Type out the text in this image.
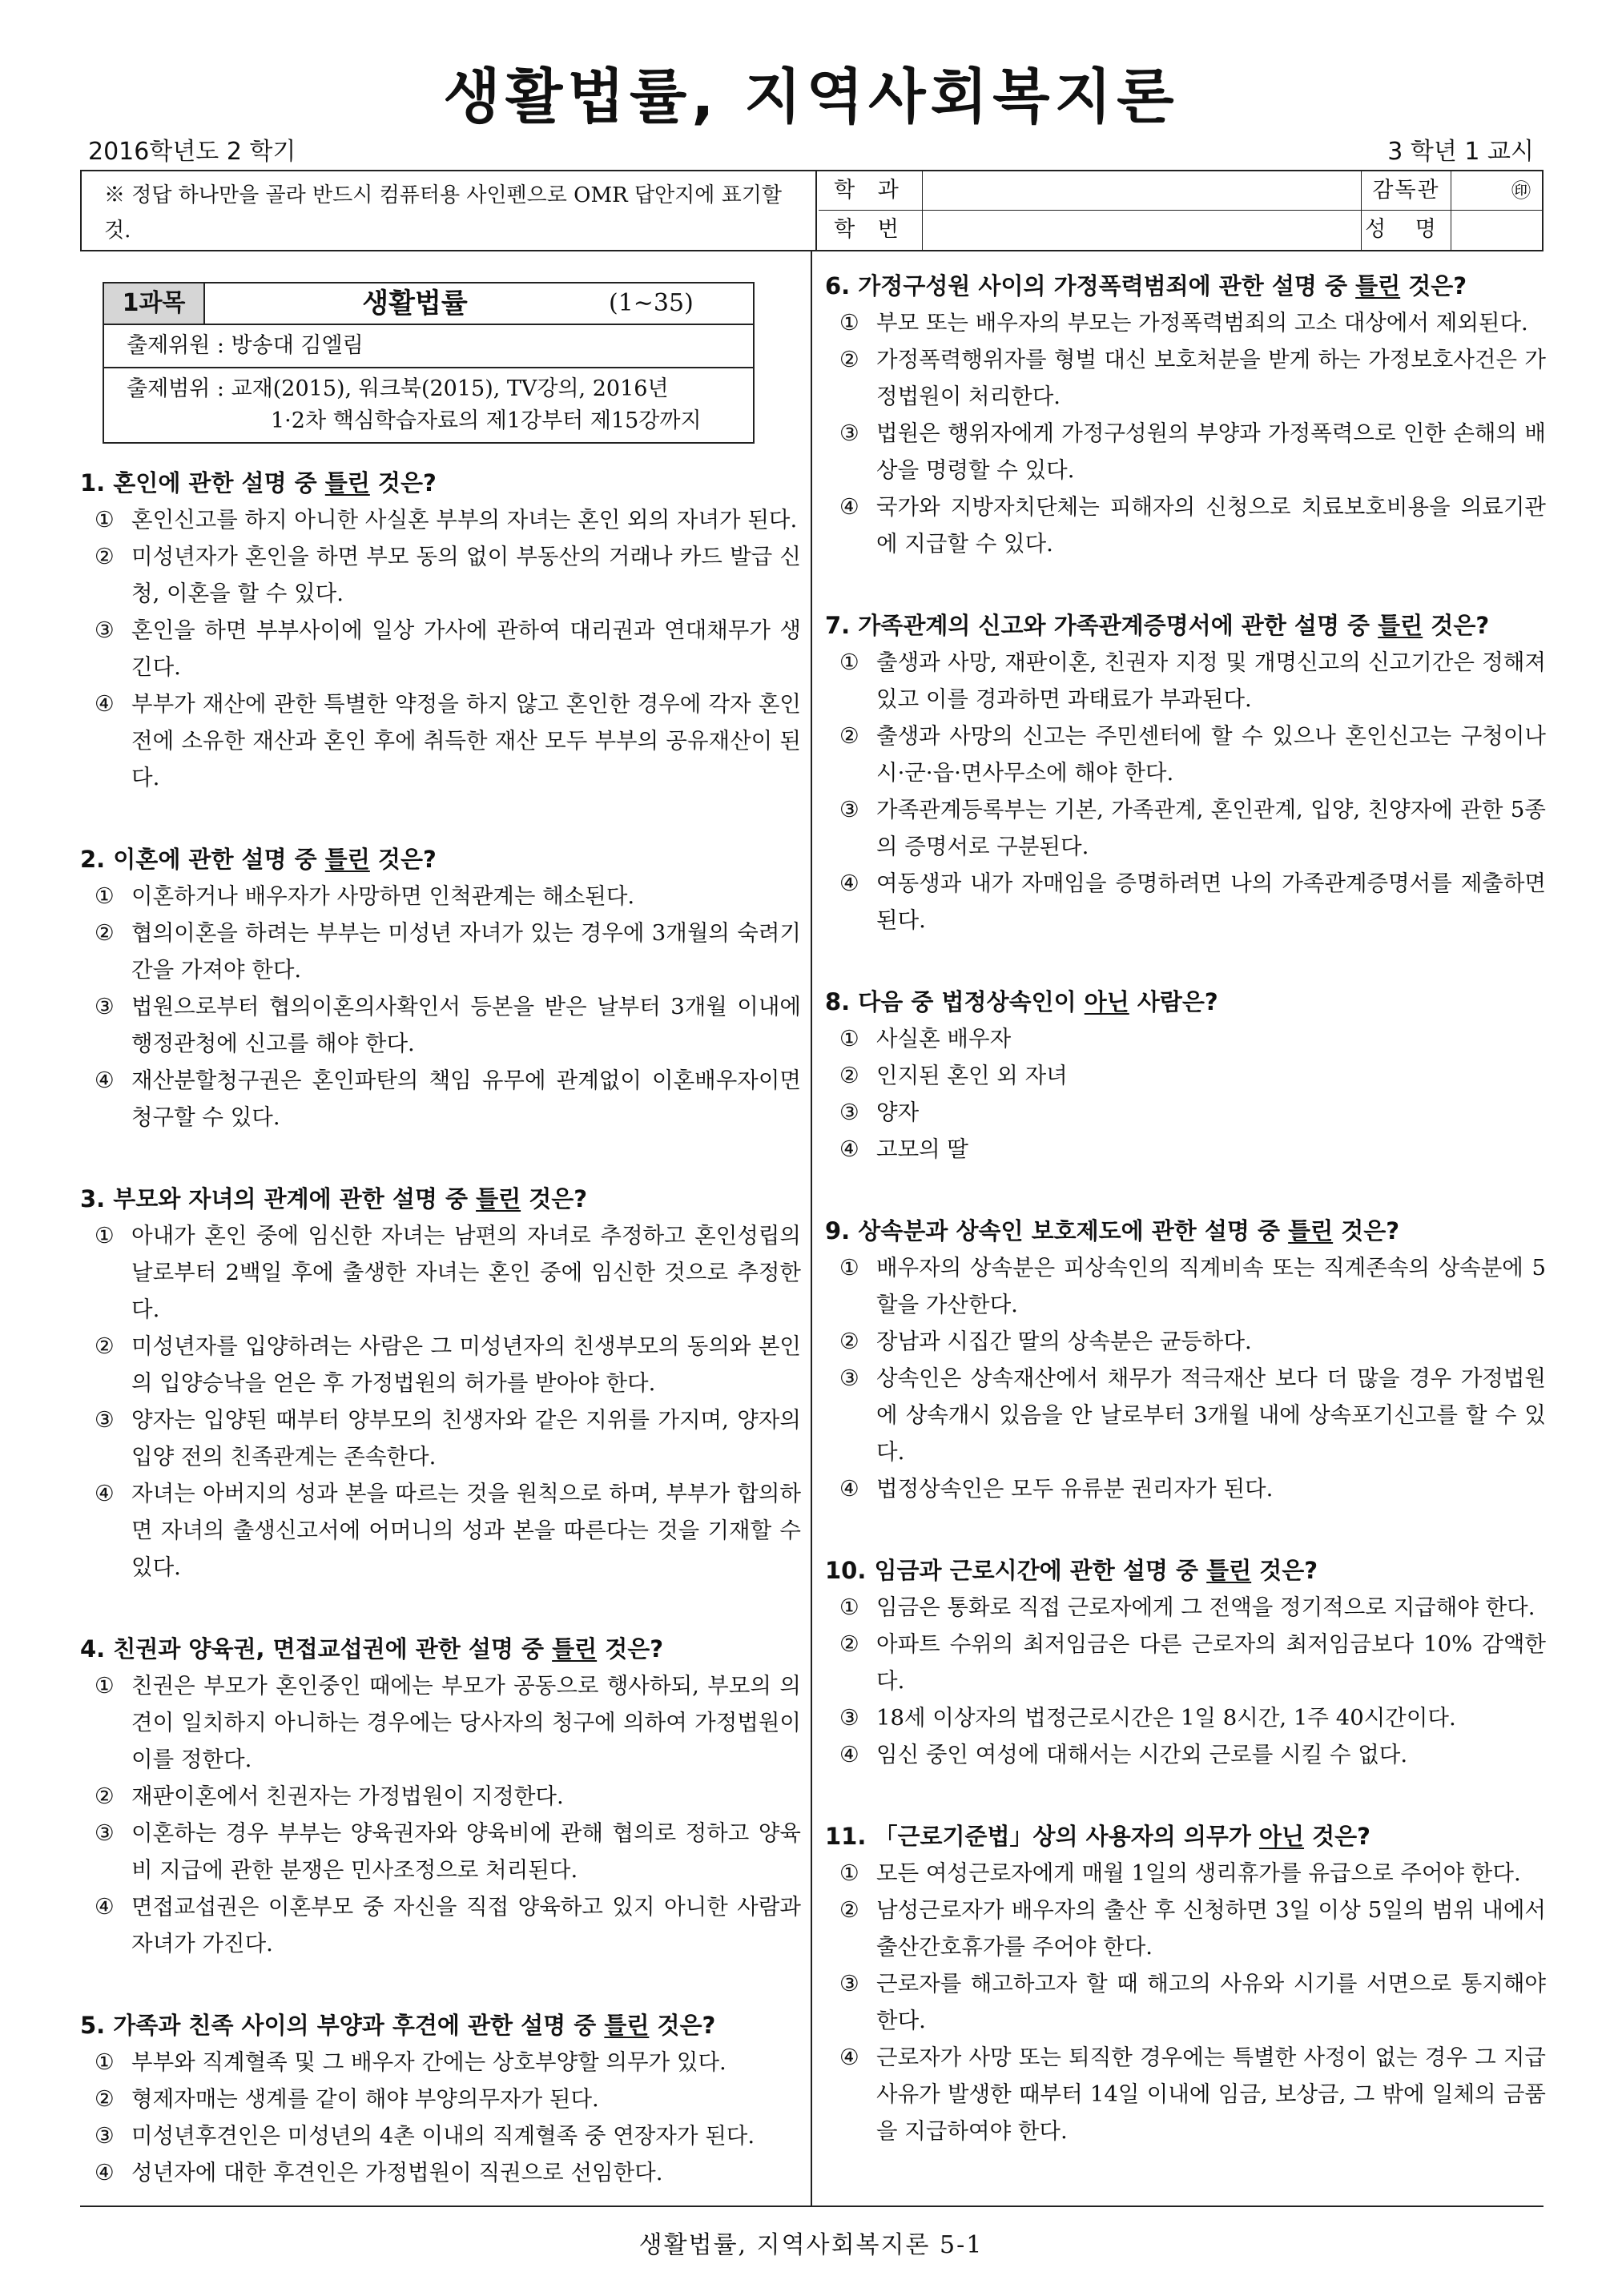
생활법률, 지역사회복지론
2016학년도 2 학기	3 학년 1 교시
※ 정답 하나만을 골라 반드시 컴퓨터용 사인펜으로 OMR 답안지에 표기할 것.
학 과	감독관	㊞
학 번	성 명
1과목	생활법률	(1∼35)
출제위원 : 방송대 김엘림
출제범위 : 교재(2015), 워크북(2015), TV강의, 2016년
1·2차 핵심학습자료의 제1강부터 제15강까지
1. 혼인에 관한 설명 중 틀린 것은?
① 혼인신고를 하지 아니한 사실혼 부부의 자녀는 혼인 외의 자녀가 된다.
② 미성년자가 혼인을 하면 부모 동의 없이 부동산의 거래나 카드 발급 신청, 이혼을 할 수 있다.
③ 혼인을 하면 부부사이에 일상 가사에 관하여 대리권과 연대채무가 생긴다.
④ 부부가 재산에 관한 특별한 약정을 하지 않고 혼인한 경우에 각자 혼인 전에 소유한 재산과 혼인 후에 취득한 재산 모두 부부의 공유재산이 된다.
2. 이혼에 관한 설명 중 틀린 것은?
① 이혼하거나 배우자가 사망하면 인척관계는 해소된다.
② 협의이혼을 하려는 부부는 미성년 자녀가 있는 경우에 3개월의 숙려기간을 가져야 한다.
③ 법원으로부터 협의이혼의사확인서 등본을 받은 날부터 3개월 이내에 행정관청에 신고를 해야 한다.
④ 재산분할청구권은 혼인파탄의 책임 유무에 관계없이 이혼배우자이면 청구할 수 있다.
3. 부모와 자녀의 관계에 관한 설명 중 틀린 것은?
① 아내가 혼인 중에 임신한 자녀는 남편의 자녀로 추정하고 혼인성립의 날로부터 2백일 후에 출생한 자녀는 혼인 중에 임신한 것으로 추정한다.
② 미성년자를 입양하려는 사람은 그 미성년자의 친생부모의 동의와 본인의 입양승낙을 얻은 후 가정법원의 허가를 받아야 한다.
③ 양자는 입양된 때부터 양부모의 친생자와 같은 지위를 가지며, 양자의 입양 전의 친족관계는 존속한다.
④ 자녀는 아버지의 성과 본을 따르는 것을 원칙으로 하며, 부부가 합의하면 자녀의 출생신고서에 어머니의 성과 본을 따른다는 것을 기재할 수 있다.
4. 친권과 양육권, 면접교섭권에 관한 설명 중 틀린 것은?
① 친권은 부모가 혼인중인 때에는 부모가 공동으로 행사하되, 부모의 의견이 일치하지 아니하는 경우에는 당사자의 청구에 의하여 가정법원이 이를 정한다.
② 재판이혼에서 친권자는 가정법원이 지정한다.
③ 이혼하는 경우 부부는 양육권자와 양육비에 관해 협의로 정하고 양육비 지급에 관한 분쟁은 민사조정으로 처리된다.
④ 면접교섭권은 이혼부모 중 자신을 직접 양육하고 있지 아니한 사람과 자녀가 가진다.
5. 가족과 친족 사이의 부양과 후견에 관한 설명 중 틀린 것은?
① 부부와 직계혈족 및 그 배우자 간에는 상호부양할 의무가 있다.
② 형제자매는 생계를 같이 해야 부양의무자가 된다.
③ 미성년후견인은 미성년의 4촌 이내의 직계혈족 중 연장자가 된다.
④ 성년자에 대한 후견인은 가정법원이 직권으로 선임한다.
6. 가정구성원 사이의 가정폭력범죄에 관한 설명 중 틀린 것은?
① 부모 또는 배우자의 부모는 가정폭력범죄의 고소 대상에서 제외된다.
② 가정폭력행위자를 형벌 대신 보호처분을 받게 하는 가정보호사건은 가정법원이 처리한다.
③ 법원은 행위자에게 가정구성원의 부양과 가정폭력으로 인한 손해의 배상을 명령할 수 있다.
④ 국가와 지방자치단체는 피해자의 신청으로 치료보호비용을 의료기관에 지급할 수 있다.
7. 가족관계의 신고와 가족관계증명서에 관한 설명 중 틀린 것은?
① 출생과 사망, 재판이혼, 친권자 지정 및 개명신고의 신고기간은 정해져 있고 이를 경과하면 과태료가 부과된다.
② 출생과 사망의 신고는 주민센터에 할 수 있으나 혼인신고는 구청이나 시·군·읍·면사무소에 해야 한다.
③ 가족관계등록부는 기본, 가족관계, 혼인관계, 입양, 친양자에 관한 5종의 증명서로 구분된다.
④ 여동생과 내가 자매임을 증명하려면 나의 가족관계증명서를 제출하면 된다.
8. 다음 중 법정상속인이 아닌 사람은?
① 사실혼 배우자
② 인지된 혼인 외 자녀
③ 양자
④ 고모의 딸
9. 상속분과 상속인 보호제도에 관한 설명 중 틀린 것은?
① 배우자의 상속분은 피상속인의 직계비속 또는 직계존속의 상속분에 5할을 가산한다.
② 장남과 시집간 딸의 상속분은 균등하다.
③ 상속인은 상속재산에서 채무가 적극재산 보다 더 많을 경우 가정법원에 상속개시 있음을 안 날로부터 3개월 내에 상속포기신고를 할 수 있다.
④ 법정상속인은 모두 유류분 권리자가 된다.
10. 임금과 근로시간에 관한 설명 중 틀린 것은?
① 임금은 통화로 직접 근로자에게 그 전액을 정기적으로 지급해야 한다.
② 아파트 수위의 최저임금은 다른 근로자의 최저임금보다 10% 감액한다.
③ 18세 이상자의 법정근로시간은 1일 8시간, 1주 40시간이다.
④ 임신 중인 여성에 대해서는 시간외 근로를 시킬 수 없다.
11. 「근로기준법」상의 사용자의 의무가 아닌 것은?
① 모든 여성근로자에게 매월 1일의 생리휴가를 유급으로 주어야 한다.
② 남성근로자가 배우자의 출산 후 신청하면 3일 이상 5일의 범위 내에서 출산간호휴가를 주어야 한다.
③ 근로자를 해고하고자 할 때 해고의 사유와 시기를 서면으로 통지해야 한다.
④ 근로자가 사망 또는 퇴직한 경우에는 특별한 사정이 없는 경우 그 지급 사유가 발생한 때부터 14일 이내에 임금, 보상금, 그 밖에 일체의 금품을 지급하여야 한다.
생활법률, 지역사회복지론 5-1
